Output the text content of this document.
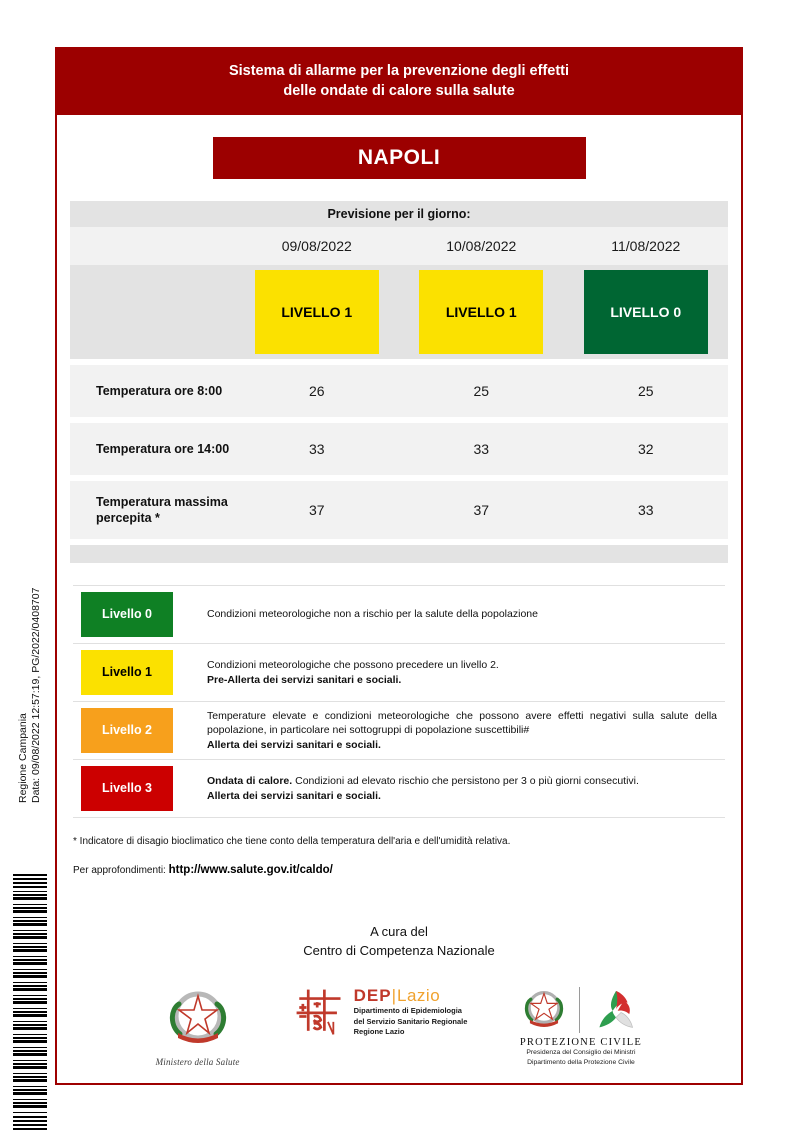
Regione Campania Data: 09/08/2022 12:57:19, PG/2022/0408707
Sistema di allarme per la prevenzione degli effetti
delle ondate di calore sulla salute
NAPOLI
Previsione per il giorno:			
	09/08/2022	10/08/2022	11/08/2022
	LIVELLO 1	LIVELLO 1	LIVELLO 0

Temperatura ore 8:00	26	25	25

Temperatura ore 14:00	33	33	32

Temperatura massima percepita *	37	37	33

Livello 0	Condizioni meteorologiche non a rischio per la salute della popolazione

Livello 1	Condizioni meteorologiche che possono precedere un livello 2.
Pre-Allerta dei servizi sanitari e sociali.

Livello 2	Temperature elevate e condizioni meteorologiche che possono avere effetti negativi sulla salute della popolazione, in particolare nei sottogruppi di popolazione suscettibili#
Allerta dei servizi sanitari e sociali.

Livello 3	Ondata di calore. Condizioni ad elevato rischio che persistono per 3 o più giorni consecutivi.
Allerta dei servizi sanitari e sociali.
* Indicatore di disagio bioclimatico che tiene conto della temperatura dell'aria e dell'umidità relativa.
Per approfondimenti: http://www.salute.gov.it/caldo/
A cura del
Centro di Competenza Nazionale
Ministero della Salute
DEP|Lazio
Dipartimento di Epidemiologia
del Servizio Sanitario Regionale
Regione Lazio
PROTEZIONE CIVILE
Presidenza del Consiglio dei Ministri
Dipartimento della Protezione Civile
